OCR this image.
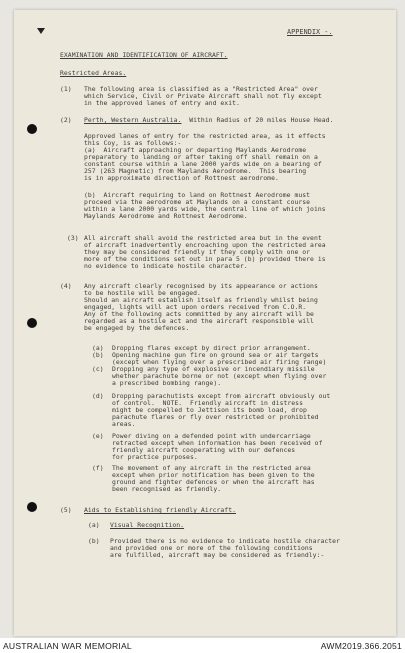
APPENDIX -.
EXAMINATION AND IDENTIFICATION OF AIRCRAFT.
Restricted Areas.
(1) The following area is classified as a "Restricted Area" over
which Service, Civil or Private Aircraft shall not fly except
in the approved lanes of entry and exit.
(2) Perth, Western Australia.  Within Radius of 20 miles House Head.
Approved lanes of entry for the restricted area, as it effects
this Coy, is as follows:-
(a)  Aircraft approaching or departing Maylands Aerodrome
preparatory to landing or after taking off shall remain on a
constant course within a lane 2000 yards wide on a bearing of
257 (263 Magnetic) from Maylands Aerodrome.  This bearing
is in approximate direction of Rottnest aerodrome.
(b)  Aircraft requiring to land on Rottnest Aerodrome must
proceed via the aerodrome at Maylands on a constant course
within a lane 2000 yards wide, the central line of which joins
Maylands Aerodrome and Rottnest Aerodrome.
(3) All aircraft shall avoid the restricted area but in the event
of aircraft inadvertently encroaching upon the restricted area
they may be considered friendly if they comply with one or
more of the conditions set out in para 5 (b) provided there is
no evidence to indicate hostile character.
(4) Any aircraft clearly recognised by its appearance or actions
to be hostile will be engaged.
Should an aircraft establish itself as friendly whilst being
engaged, lights will act upon orders received from C.O.R.
Any of the following acts committed by any aircraft will be
regarded as a hostile act and the aircraft responsible will
be engaged by the defences.
(a) Dropping flares except by direct prior arrangement.
(b) Opening machine gun fire on ground sea or air targets
(except when flying over a prescribed air firing range)
(c) Dropping any type of explosive or incendiary missile
whether parachute borne or not (except when flying over
a prescribed bombing range).
(d) Dropping parachutists except from aircraft obviously out
of control.  NOTE.  Friendly aircraft in distress
might be compelled to Jettison its bomb load, drop
parachute flares or fly over restricted or prohibited
areas.
(e) Power diving on a defended point with undercarriage
retracted except when information has been received of
friendly aircraft cooperating with our defences
for practice purposes.
(f) The movement of any aircraft in the restricted area
except when prior notification has been given to the
ground and fighter defences or when the aircraft has
been recognised as friendly.
(5) Aids to Establishing friendly Aircraft.
(a) Visual Recognition.
(b) Provided there is no evidence to indicate hostile character
and provided one or more of the following conditions
are fulfilled, aircraft may be considered as friendly:-
AUSTRALIAN WAR MEMORIAL	AWM2019.366.2051
